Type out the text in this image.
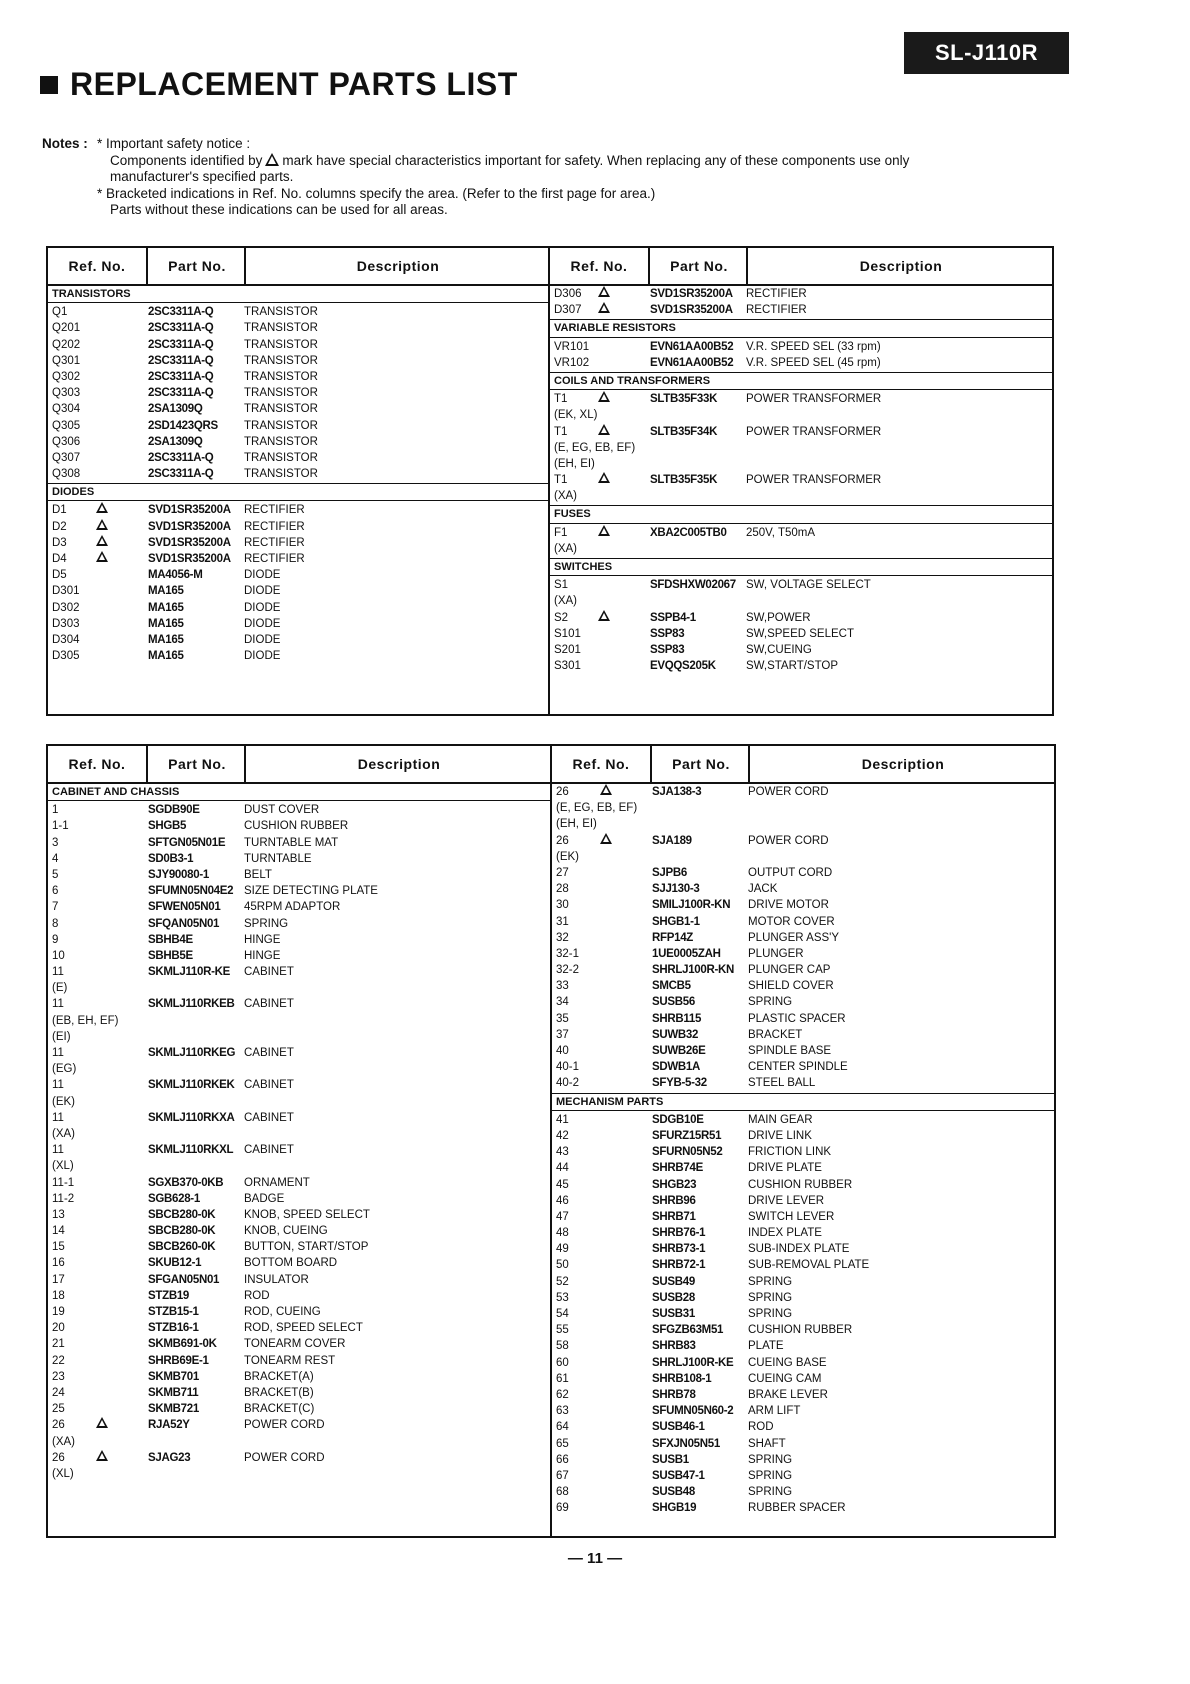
SL-J110R
REPLACEMENT PARTS LIST
Notes : * Important safety notice :
Components identified by mark have special characteristics important for safety. When replacing any of these components use only
manufacturer's specified parts.
* Bracketed indications in Ref. No. columns specify the area. (Refer to the first page for area.)
Parts without these indications can be used for all areas.
Ref. No.	Part No.	Description
TRANSISTORS
Q1	2SC3311A-Q	TRANSISTOR
Q201	2SC3311A-Q	TRANSISTOR
Q202	2SC3311A-Q	TRANSISTOR
Q301	2SC3311A-Q	TRANSISTOR
Q302	2SC3311A-Q	TRANSISTOR
Q303	2SC3311A-Q	TRANSISTOR
Q304	2SA1309Q	TRANSISTOR
Q305	2SD1423QRS TRANSISTOR
Q306	2SA1309Q	TRANSISTOR
Q307	2SC3311A-Q	TRANSISTOR
Q308	2SC3311A-Q	TRANSISTOR
DIODES
D1	SVD1SR35200A RECTIFIER
D2	SVD1SR35200A RECTIFIER
D3	SVD1SR35200A RECTIFIER
D4	SVD1SR35200A RECTIFIER
D5	MA4056-M	DIODE
D301	MA165	DIODE
D302	MA165	DIODE
D303	MA165	DIODE
D304	MA165	DIODE
D305	MA165	DIODE
Ref. No.	Part No.	Description
D306	SVD1SR35200A RECTIFIER
D307	SVD1SR35200A RECTIFIER
VARIABLE RESISTORS
VR101	EVN61AA00B52 V.R. SPEED SEL (33 rpm)
VR102	EVN61AA00B52 V.R. SPEED SEL (45 rpm)
COILS AND TRANSFORMERS
T1	SLTB35F33K	POWER TRANSFORMER
(EK, XL)
T1	SLTB35F34K	POWER TRANSFORMER
(E, EG, EB, EF)
(EH, EI)
T1	SLTB35F35K	POWER TRANSFORMER
(XA)
FUSES
F1	XBA2C005TB0 250V, T50mA
(XA)
SWITCHES
S1	SFDSHXW02067 SW, VOLTAGE SELECT
(XA)
S2	SSPB4-1	SW,POWER
S101	SSP83	SW,SPEED SELECT
S201	SSP83	SW,CUEING
S301	EVQQS205K	SW,START/STOP
Ref. No.	Part No.	Description
CABINET AND CHASSIS
1	SGDB90E	DUST COVER
1-1	SHGB5	CUSHION RUBBER
3	SFTGN05N01E TURNTABLE MAT
4	SD0B3-1	TURNTABLE
5	SJY90080-1	BELT
6	SFUMN05N04E2 SIZE DETECTING PLATE
7	SFWEN05N01 45RPM ADAPTOR
8	SFQAN05N01 SPRING
9	SBHB4E	HINGE
10	SBHB5E	HINGE
11	SKMLJ110R-KE CABINET
(E)
11	SKMLJ110RKEB CABINET
(EB, EH, EF)
(EI)
11	SKMLJ110RKEG CABINET
(EG)
11	SKMLJ110RKEK CABINET
(EK)
11	SKMLJ110RKXA CABINET
(XA)
11	SKMLJ110RKXL CABINET
(XL)
11-1	SGXB370-0KB ORNAMENT
11-2	SGB628-1	BADGE
13	SBCB280-0K KNOB, SPEED SELECT
14	SBCB280-0K KNOB, CUEING
15	SBCB260-0K BUTTON, START/STOP
16	SKUB12-1	BOTTOM BOARD
17	SFGAN05N01 INSULATOR
18	STZB19	ROD
19	STZB15-1	ROD, CUEING
20	STZB16-1	ROD, SPEED SELECT
21	SKMB691-0K TONEARM COVER
22	SHRB69E-1	TONEARM REST
23	SKMB701	BRACKET(A)
24	SKMB711	BRACKET(B)
25	SKMB721	BRACKET(C)
26	RJA52Y	POWER CORD
(XA)
26	SJAG23	POWER CORD
(XL)
Ref. No.	Part No.	Description
26	SJA138-3	POWER CORD
(E, EG, EB, EF)
(EH, EI)
26	SJA189	POWER CORD
(EK)
27	SJPB6	OUTPUT CORD
28	SJJ130-3	JACK
30	SMILJ100R-KN DRIVE MOTOR
31	SHGB1-1	MOTOR COVER
32	RFP14Z	PLUNGER ASS'Y
32-1	1UE0005ZAH PLUNGER
32-2	SHRLJ100R-KN PLUNGER CAP
33	SMCB5	SHIELD COVER
34	SUSB56	SPRING
35	SHRB115	PLASTIC SPACER
37	SUWB32	BRACKET
40	SUWB26E	SPINDLE BASE
40-1	SDWB1A	CENTER SPINDLE
40-2	SFYB-5-32	STEEL BALL
MECHANISM PARTS
41	SDGB10E	MAIN GEAR
42	SFURZ15R51 DRIVE LINK
43	SFURN05N52 FRICTION LINK
44	SHRB74E	DRIVE PLATE
45	SHGB23	CUSHION RUBBER
46	SHRB96	DRIVE LEVER
47	SHRB71	SWITCH LEVER
48	SHRB76-1	INDEX PLATE
49	SHRB73-1	SUB-INDEX PLATE
50	SHRB72-1	SUB-REMOVAL PLATE
52	SUSB49	SPRING
53	SUSB28	SPRING
54	SUSB31	SPRING
55	SFGZB63M51 CUSHION RUBBER
58	SHRB83	PLATE
60	SHRLJ100R-KE CUEING BASE
61	SHRB108-1	CUEING CAM
62	SHRB78	BRAKE LEVER
63	SFUMN05N60-2 ARM LIFT
64	SUSB46-1	ROD
65	SFXJN05N51 SHAFT
66	SUSB1	SPRING
67	SUSB47-1	SPRING
68	SUSB48	SPRING
69	SHGB19	RUBBER SPACER
— 11 —
